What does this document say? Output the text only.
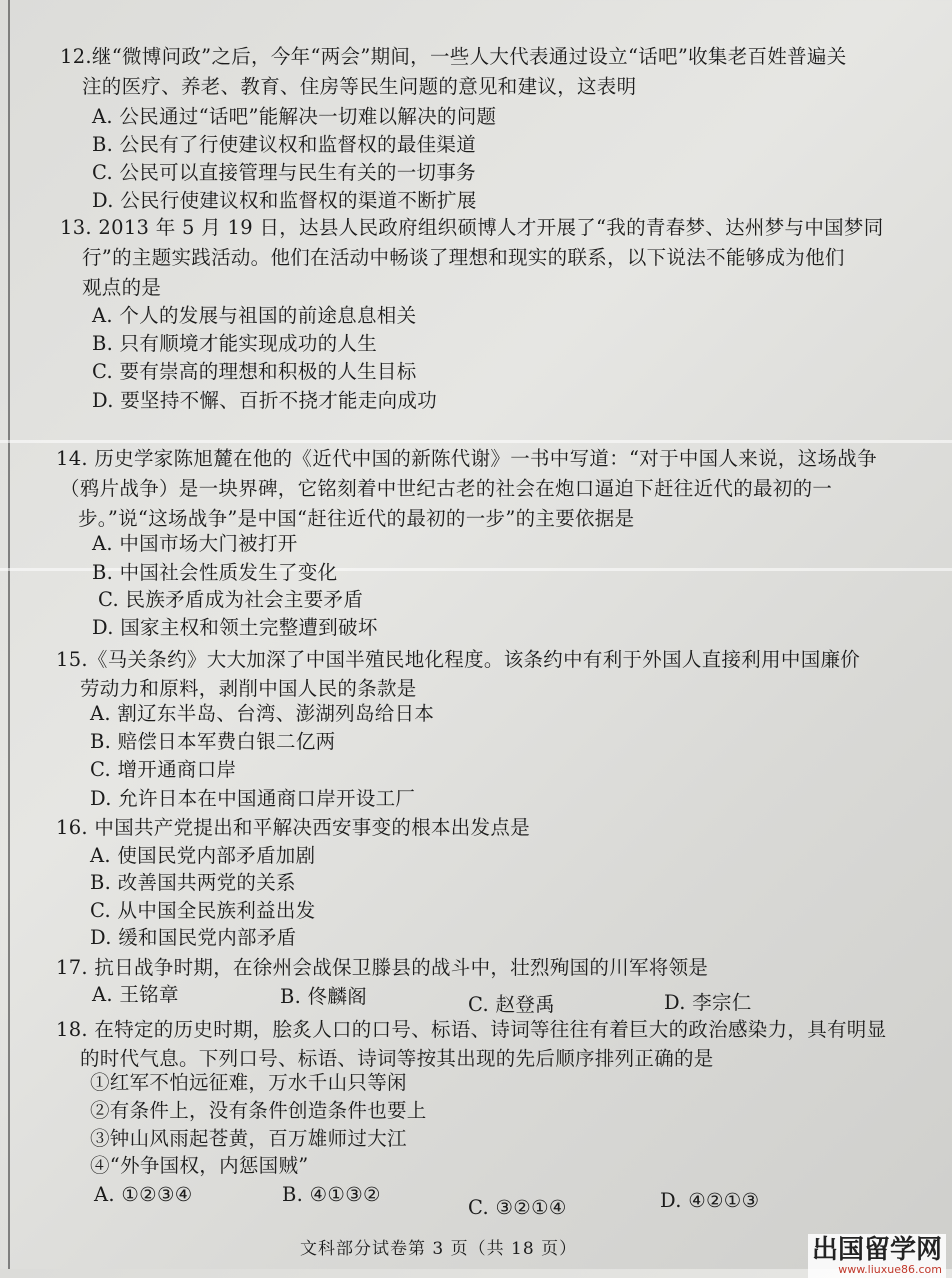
12.继“微博问政”之后，今年“两会”期间，一些人大代表通过设立“话吧”收集老百姓普遍关
注的医疗、养老、教育、住房等民生问题的意见和建议，这表明
A. 公民通过“话吧”能解决一切难以解决的问题
B. 公民有了行使建议权和监督权的最佳渠道
C. 公民可以直接管理与民生有关的一切事务
D. 公民行使建议权和监督权的渠道不断扩展
13. 2013 年 5 月 19 日，达县人民政府组织硕博人才开展了“我的青春梦、达州梦与中国梦同
行”的主题实践活动。他们在活动中畅谈了理想和现实的联系，以下说法不能够成为他们
观点的是
A. 个人的发展与祖国的前途息息相关
B. 只有顺境才能实现成功的人生
C. 要有崇高的理想和积极的人生目标
D. 要坚持不懈、百折不挠才能走向成功
14. 历史学家陈旭麓在他的《近代中国的新陈代谢》一书中写道：“对于中国人来说，这场战争
（鸦片战争）是一块界碑，它铭刻着中世纪古老的社会在炮口逼迫下赶往近代的最初的一
步。”说“这场战争”是中国“赶往近代的最初的一步”的主要依据是
A. 中国市场大门被打开
B. 中国社会性质发生了变化
C. 民族矛盾成为社会主要矛盾
D. 国家主权和领土完整遭到破坏
15.《马关条约》大大加深了中国半殖民地化程度。该条约中有利于外国人直接利用中国廉价
劳动力和原料，剥削中国人民的条款是
A. 割辽东半岛、台湾、澎湖列岛给日本
B. 赔偿日本军费白银二亿两
C. 增开通商口岸
D. 允许日本在中国通商口岸开设工厂
16. 中国共产党提出和平解决西安事变的根本出发点是
A. 使国民党内部矛盾加剧
B. 改善国共两党的关系
C. 从中国全民族利益出发
D. 缓和国民党内部矛盾
17. 抗日战争时期，在徐州会战保卫滕县的战斗中，壮烈殉国的川军将领是
A. 王铭章	B. 佟麟阁	C. 赵登禹	D. 李宗仁
18. 在特定的历史时期，脍炙人口的口号、标语、诗词等往往有着巨大的政治感染力，具有明显
的时代气息。下列口号、标语、诗词等按其出现的先后顺序排列正确的是
①红军不怕远征难，万水千山只等闲
②有条件上，没有条件创造条件也要上
③钟山风雨起苍黄，百万雄师过大江
④“外争国权，内惩国贼”
A. ①②③④	B. ④①③②
C. ③②①④	D. ④②①③
文科部分试卷第 3 页（共 18 页）	出国留学网
www.liuxue86.com
